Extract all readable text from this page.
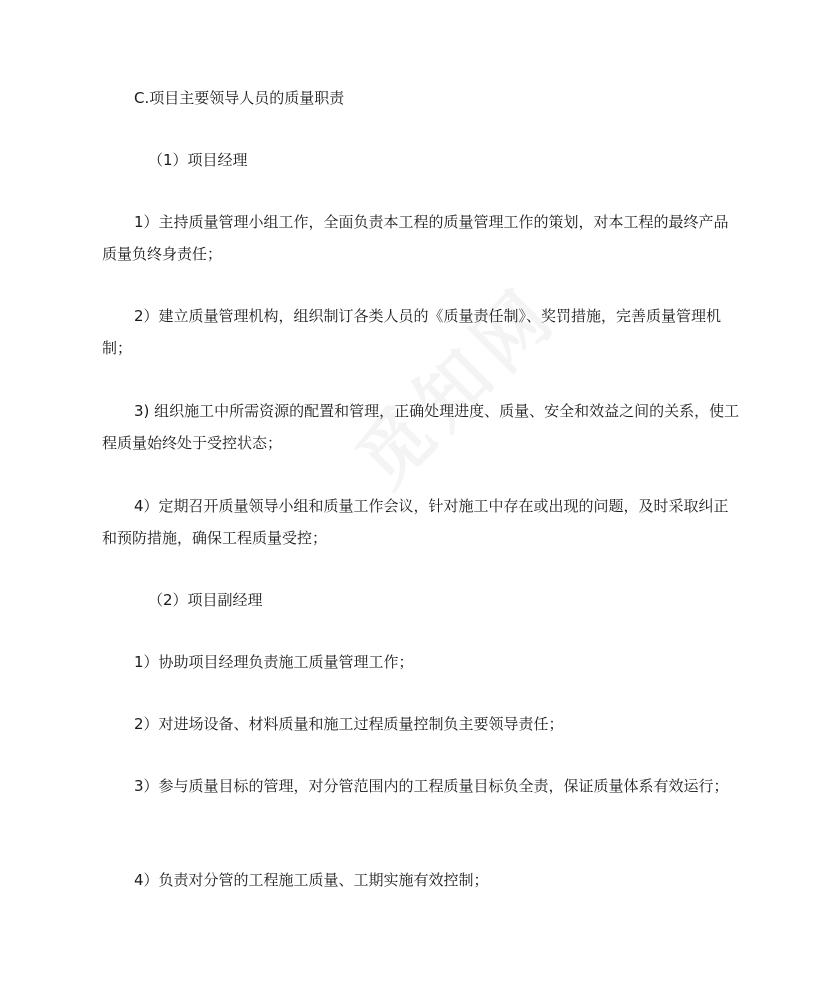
C.项目主要领导人员的质量职责

（1）项目经理

1）主持质量管理小组工作，全面负责本工程的质量管理工作的策划，对本工程的最终产品质量负终身责任；

2）建立质量管理机构，组织制订各类人员的《质量责任制》、奖罚措施，完善质量管理机制；

3) 组织施工中所需资源的配置和管理，正确处理进度、质量、安全和效益之间的关系，使工程质量始终处于受控状态；

4）定期召开质量领导小组和质量工作会议，针对施工中存在或出现的问题，及时采取纠正和预防措施，确保工程质量受控；

（2）项目副经理

1）协助项目经理负责施工质量管理工作；

2）对进场设备、材料质量和施工过程质量控制负主要领导责任；

3）参与质量目标的管理，对分管范围内的工程质量目标负全责，保证质量体系有效运行；

4）负责对分管的工程施工质量、工期实施有效控制；
